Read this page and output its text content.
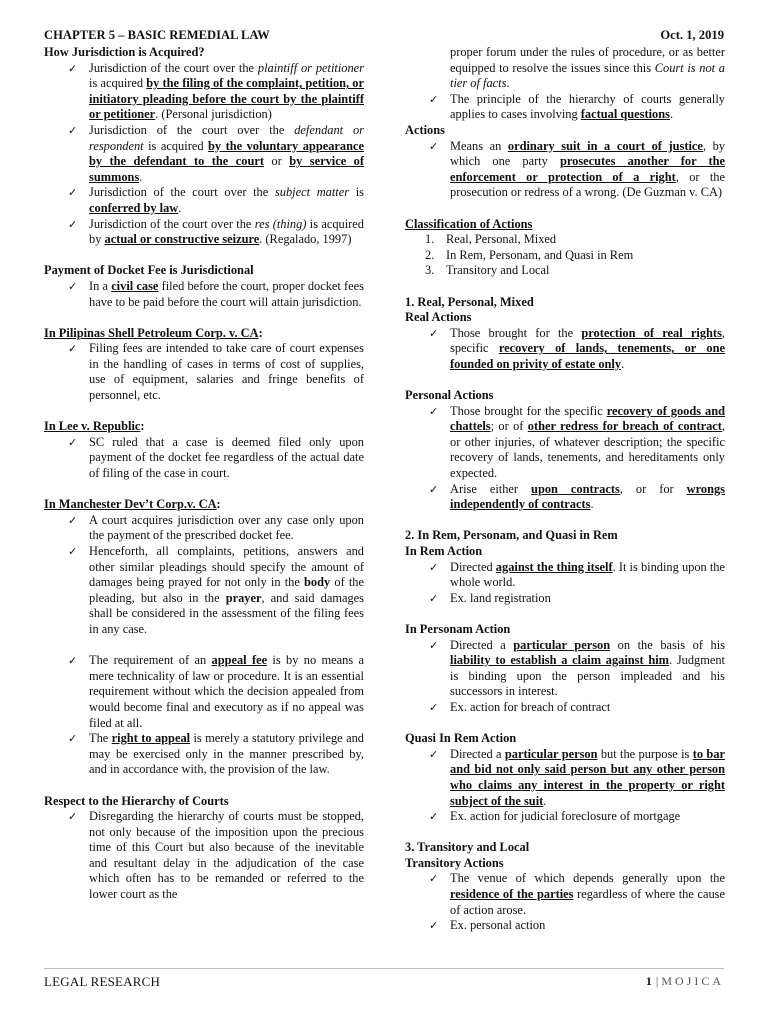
CHAPTER 5 – BASIC REMEDIAL LAW	Oct. 1, 2019

How Jurisdiction is Acquired?

✓ Jurisdiction of the court over the plaintiff or petitioner is acquired by the filing of the complaint, petition, or initiatory pleading before the court by the plaintiff or petitioner. (Personal jurisdiction)
✓ Jurisdiction of the court over the defendant or respondent is acquired by the voluntary appearance by the defendant to the court or by service of summons.
✓ Jurisdiction of the court over the subject matter is conferred by law.
✓ Jurisdiction of the court over the res (thing) is acquired by actual or constructive seizure. (Regalado, 1997)

Payment of Docket Fee is Jurisdictional

✓ In a civil case filed before the court, proper docket fees have to be paid before the court will attain jurisdiction.

In Pilipinas Shell Petroleum Corp. v. CA:

✓ Filing fees are intended to take care of court expenses in the handling of cases in terms of cost of supplies, use of equipment, salaries and fringe benefits of personnel, etc.

In Lee v. Republic:

✓ SC ruled that a case is deemed filed only upon payment of the docket fee regardless of the actual date of filing of the case in court.

In Manchester Dev’t Corp.v. CA:

✓ A court acquires jurisdiction over any case only upon the payment of the prescribed docket fee.
✓ Henceforth, all complaints, petitions, answers and other similar pleadings should specify the amount of damages being prayed for not only in the body of the pleading, but also in the prayer, and said damages shall be considered in the assessment of the filing fees in any case.
✓ The requirement of an appeal fee is by no means a mere technicality of law or procedure. It is an essential requirement without which the decision appealed from would become final and executory as if no appeal was filed at all.
✓ The right to appeal is merely a statutory privilege and may be exercised only in the manner prescribed by, and in accordance with, the provision of the law.

Respect to the Hierarchy of Courts

✓ Disregarding the hierarchy of courts must be stopped, not only because of the imposition upon the precious time of this Court but also because of the inevitable and resultant delay in the adjudication of the case which often has to be remanded or referred to the lower court as the
proper forum under the rules of procedure, or as better equipped to resolve the issues since this Court is not a tier of facts.
✓ The principle of the hierarchy of courts generally applies to cases involving factual questions.

Actions

✓ Means an ordinary suit in a court of justice, by which one party prosecutes another for the enforcement or protection of a right, or the prosecution or redress of a wrong. (De Guzman v. CA)

Classification of Actions

1. Real, Personal, Mixed
2. In Rem, Personam, and Quasi in Rem
3. Transitory and Local

1. Real, Personal, Mixed

Real Actions

✓ Those brought for the protection of real rights, specific recovery of lands, tenements, or one founded on privity of estate only.

Personal Actions

✓ Those brought for the specific recovery of goods and chattels; or of other redress for breach of contract, or other injuries, of whatever description; the specific recovery of lands, tenements, and hereditaments only expected.
✓ Arise either upon contracts, or for wrongs independently of contracts.

2. In Rem, Personam, and Quasi in Rem

In Rem Action

✓ Directed against the thing itself. It is binding upon the whole world.
✓ Ex. land registration

In Personam Action

✓ Directed a particular person on the basis of his liability to establish a claim against him. Judgment is binding upon the person impleaded and his successors in interest.
✓ Ex. action for breach of contract

Quasi In Rem Action

✓ Directed a particular person but the purpose is to bar and bid not only said person but any other person who claims any interest in the property or right subject of the suit.
✓ Ex. action for judicial foreclosure of mortgage

3. Transitory and Local

Transitory Actions

✓ The venue of which depends generally upon the residence of the parties regardless of where the cause of action arose.
✓ Ex. personal action
LEGAL RESEARCH	1 |MOJICA
